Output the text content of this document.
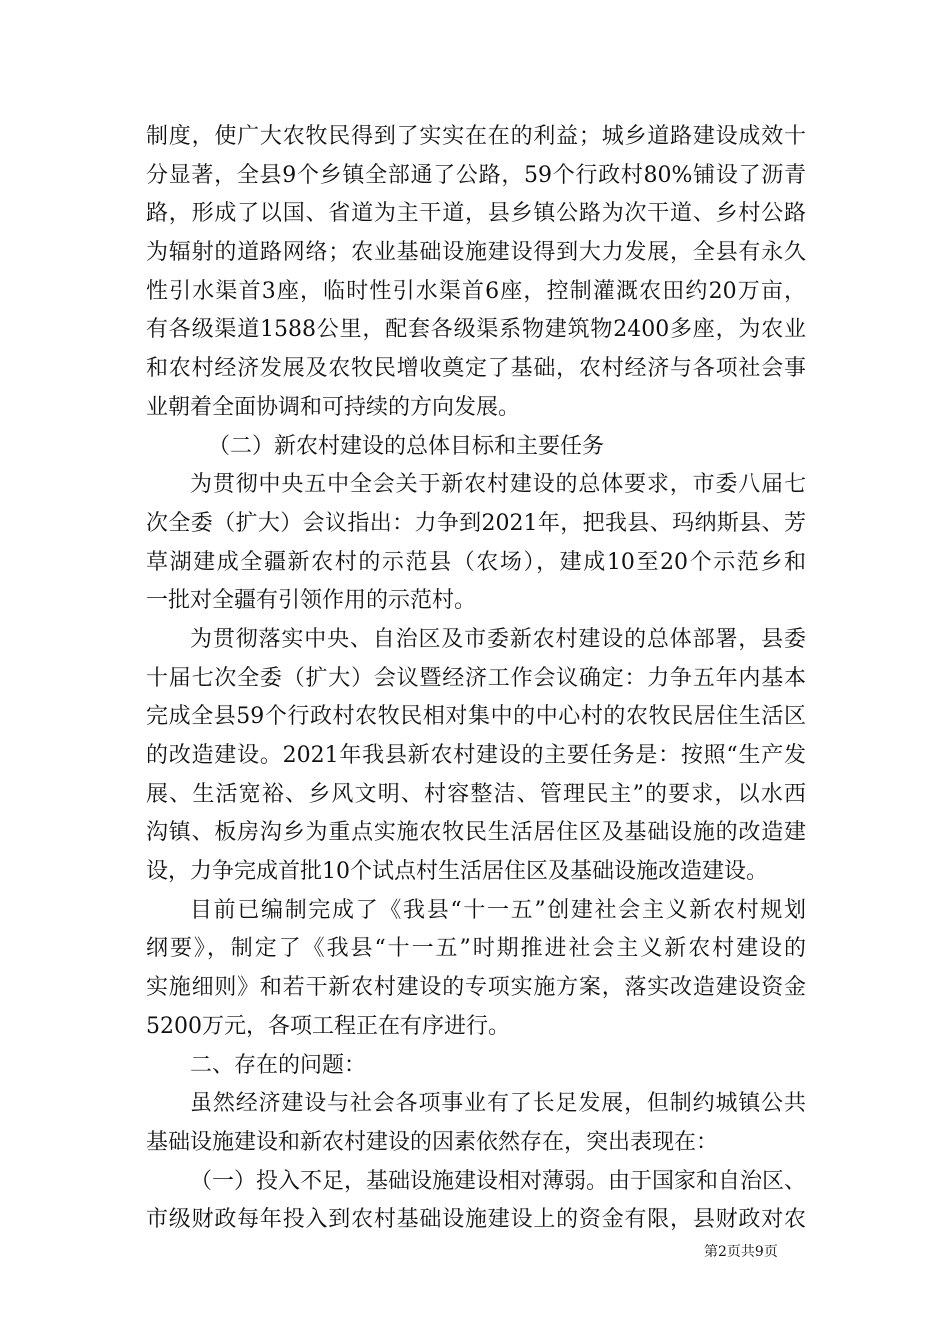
制度，使广大农牧民得到了实实在在的利益；城乡道路建设成效十
分显著，全县9个乡镇全部通了公路，59个行政村80%铺设了沥青
路，形成了以国、省道为主干道，县乡镇公路为次干道、乡村公路
为辐射的道路网络；农业基础设施建设得到大力发展，全县有永久
性引水渠首3座，临时性引水渠首6座，控制灌溉农田约20万亩，
有各级渠道1588公里，配套各级渠系物建筑物2400多座，为农业
和农村经济发展及农牧民增收奠定了基础，农村经济与各项社会事
业朝着全面协调和可持续的方向发展。
（二）新农村建设的总体目标和主要任务
为贯彻中央五中全会关于新农村建设的总体要求，市委八届七
次全委（扩大）会议指出：力争到2021年，把我县、玛纳斯县、芳
草湖建成全疆新农村的示范县（农场），建成10至20个示范乡和
一批对全疆有引领作用的示范村。
为贯彻落实中央、自治区及市委新农村建设的总体部署，县委
十届七次全委（扩大）会议暨经济工作会议确定：力争五年内基本
完成全县59个行政村农牧民相对集中的中心村的农牧民居住生活区
的改造建设。2021年我县新农村建设的主要任务是：按照“生产发
展、生活宽裕、乡风文明、村容整洁、管理民主”的要求，以水西
沟镇、板房沟乡为重点实施农牧民生活居住区及基础设施的改造建
设，力争完成首批10个试点村生活居住区及基础设施改造建设。
目前已编制完成了《我县“十一五”创建社会主义新农村规划
纲要》，制定了《我县“十一五”时期推进社会主义新农村建设的
实施细则》和若干新农村建设的专项实施方案，落实改造建设资金
5200万元，各项工程正在有序进行。
二、存在的问题：
虽然经济建设与社会各项事业有了长足发展，但制约城镇公共
基础设施建设和新农村建设的因素依然存在，突出表现在：
（一）投入不足，基础设施建设相对薄弱。由于国家和自治区、
市级财政每年投入到农村基础设施建设上的资金有限，县财政对农
第2页共9页
